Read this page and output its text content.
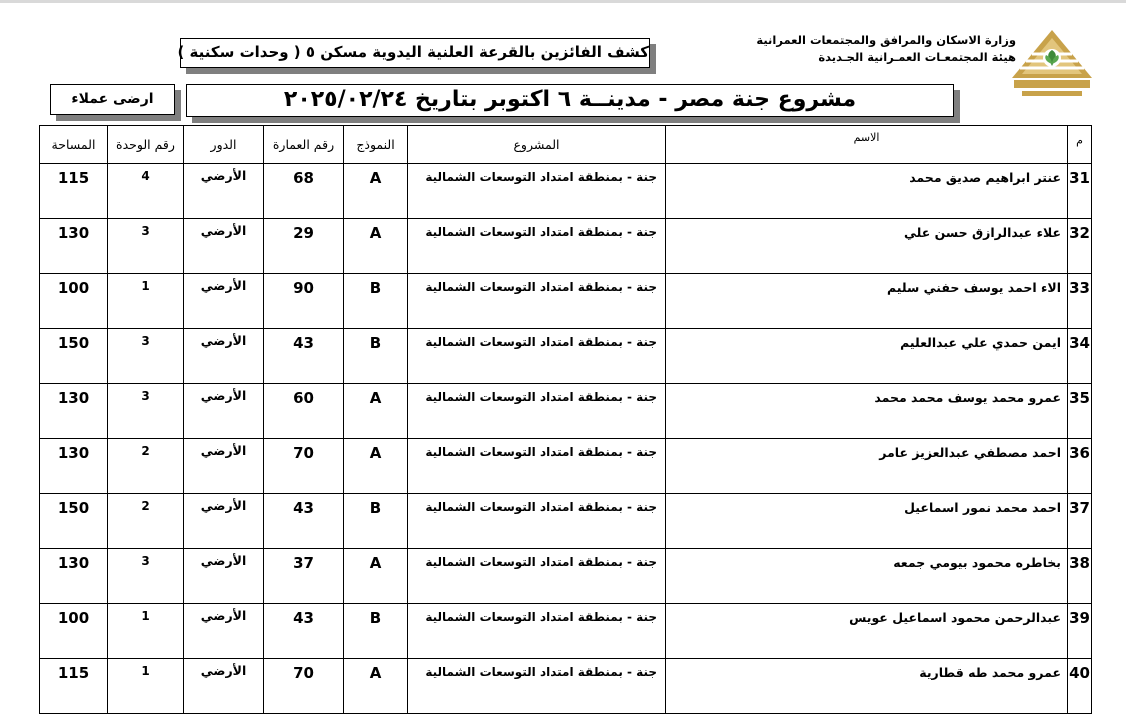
وزارة الاسكان والمرافق والمجتمعات العمرانية
هيئة المجتمعـات العمـرانية الجـديدة
كشف الفائزين بالقرعة العلنية اليدوية مسكن ٥ ( وحدات سكنية )
ارضى عملاء	مشروع جنة مصر - مدينــة ٦ اكتوبر بتاريخ ٢٠٢٥/٠٢/٢٤
م	الاسم	المشروع	النموذج	رقم العمارة	الدور	رقم الوحدة	المساحة
31	عنتر ابراهيم صديق محمد	جنة - بمنطقة امتداد التوسعات الشمالية	A	68	الأرضي	4	115
32	علاء عبدالرازق حسن علي	جنة - بمنطقة امتداد التوسعات الشمالية	A	29	الأرضي	3	130
33	الاء احمد يوسف حفني سليم	جنة - بمنطقة امتداد التوسعات الشمالية	B	90	الأرضي	1	100
34	ايمن حمدي علي عبدالعليم	جنة - بمنطقة امتداد التوسعات الشمالية	B	43	الأرضي	3	150
35	عمرو محمد يوسف محمد محمد	جنة - بمنطقة امتداد التوسعات الشمالية	A	60	الأرضي	3	130
36	احمد مصطفي عبدالعزيز عامر	جنة - بمنطقة امتداد التوسعات الشمالية	A	70	الأرضي	2	130
37	احمد محمد نمور اسماعيل	جنة - بمنطقة امتداد التوسعات الشمالية	B	43	الأرضي	2	150
38	بخاطره محمود بيومي جمعه	جنة - بمنطقة امتداد التوسعات الشمالية	A	37	الأرضي	3	130
39	عبدالرحمن محمود اسماعيل عويس	جنة - بمنطقة امتداد التوسعات الشمالية	B	43	الأرضي	1	100
40	عمرو محمد طه قطارية	جنة - بمنطقة امتداد التوسعات الشمالية	A	70	الأرضي	1	115
